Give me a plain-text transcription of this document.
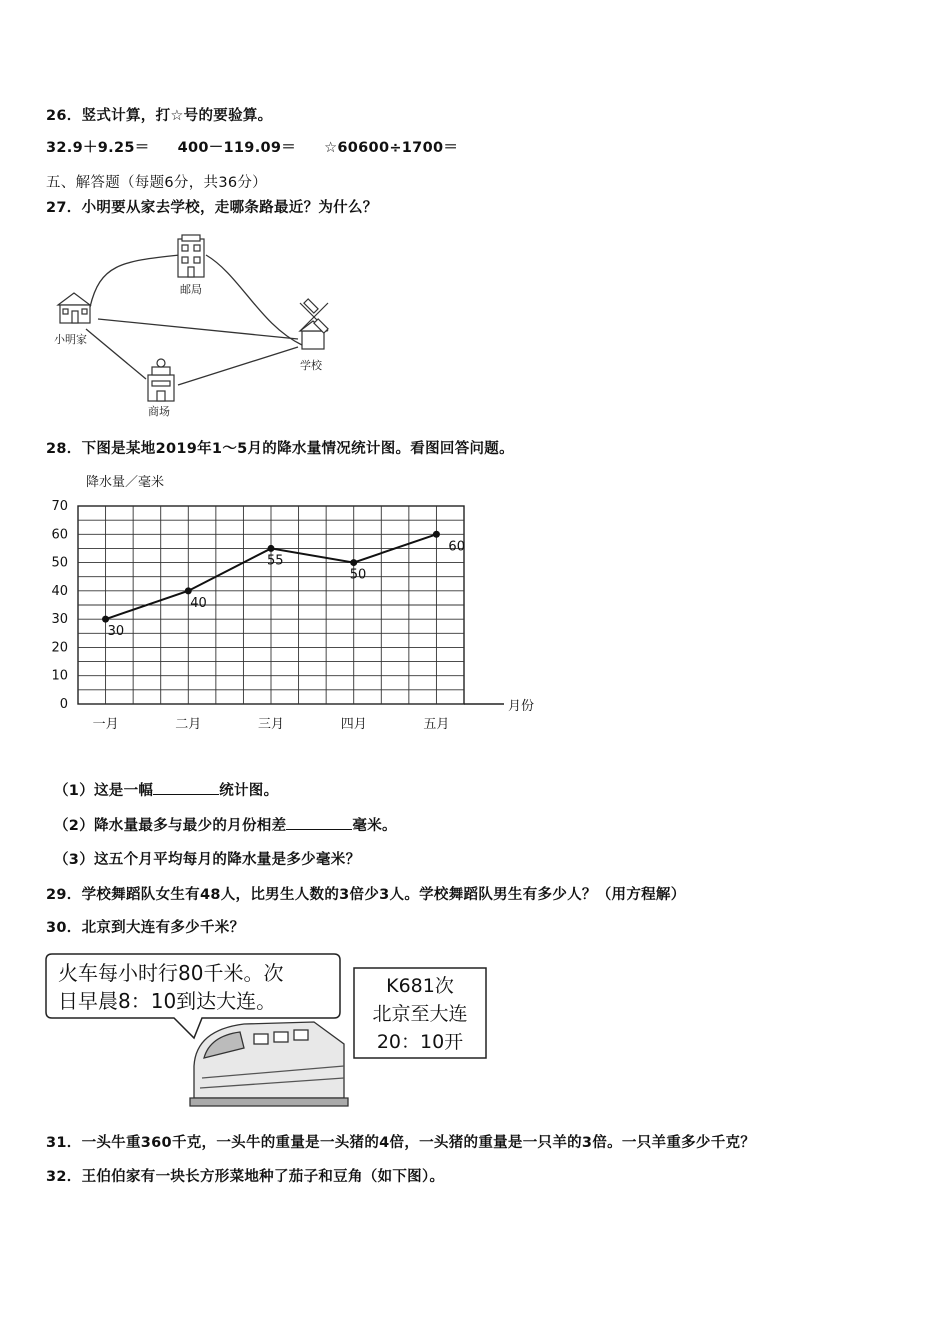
26．竖式计算，打☆号的要验算。
32.9＋9.25＝ 400－119.09＝ ☆60600÷1700＝
五、解答题（每题6分，共36分）
27．小明要从家去学校，走哪条路最近？为什么？
小明家
邮局
学校
商场
28．下图是某地2019年1～5月的降水量情况统计图。看图回答问题。
月份
降水量／毫米
0
10
20
30
40
50
60
70
一月	二月	三月	四月	五月
30
40
55
50
60
（1）这是一幅	统计图。
（2）降水量最多与最少的月份相差	毫米。
（3）这五个月平均每月的降水量是多少毫米？
29．学校舞蹈队女生有48人，比男生人数的3倍少3人。学校舞蹈队男生有多少人？（用方程解）
30．北京到大连有多少千米？
火车每小时行80千米。次
日早晨8：10到达大连。
K681次
北京至大连
20：10开
31．一头牛重360千克，一头牛的重量是一头猪的4倍，一头猪的重量是一只羊的3倍。一只羊重多少千克？
32．王伯伯家有一块长方形菜地种了茄子和豆角（如下图）。
